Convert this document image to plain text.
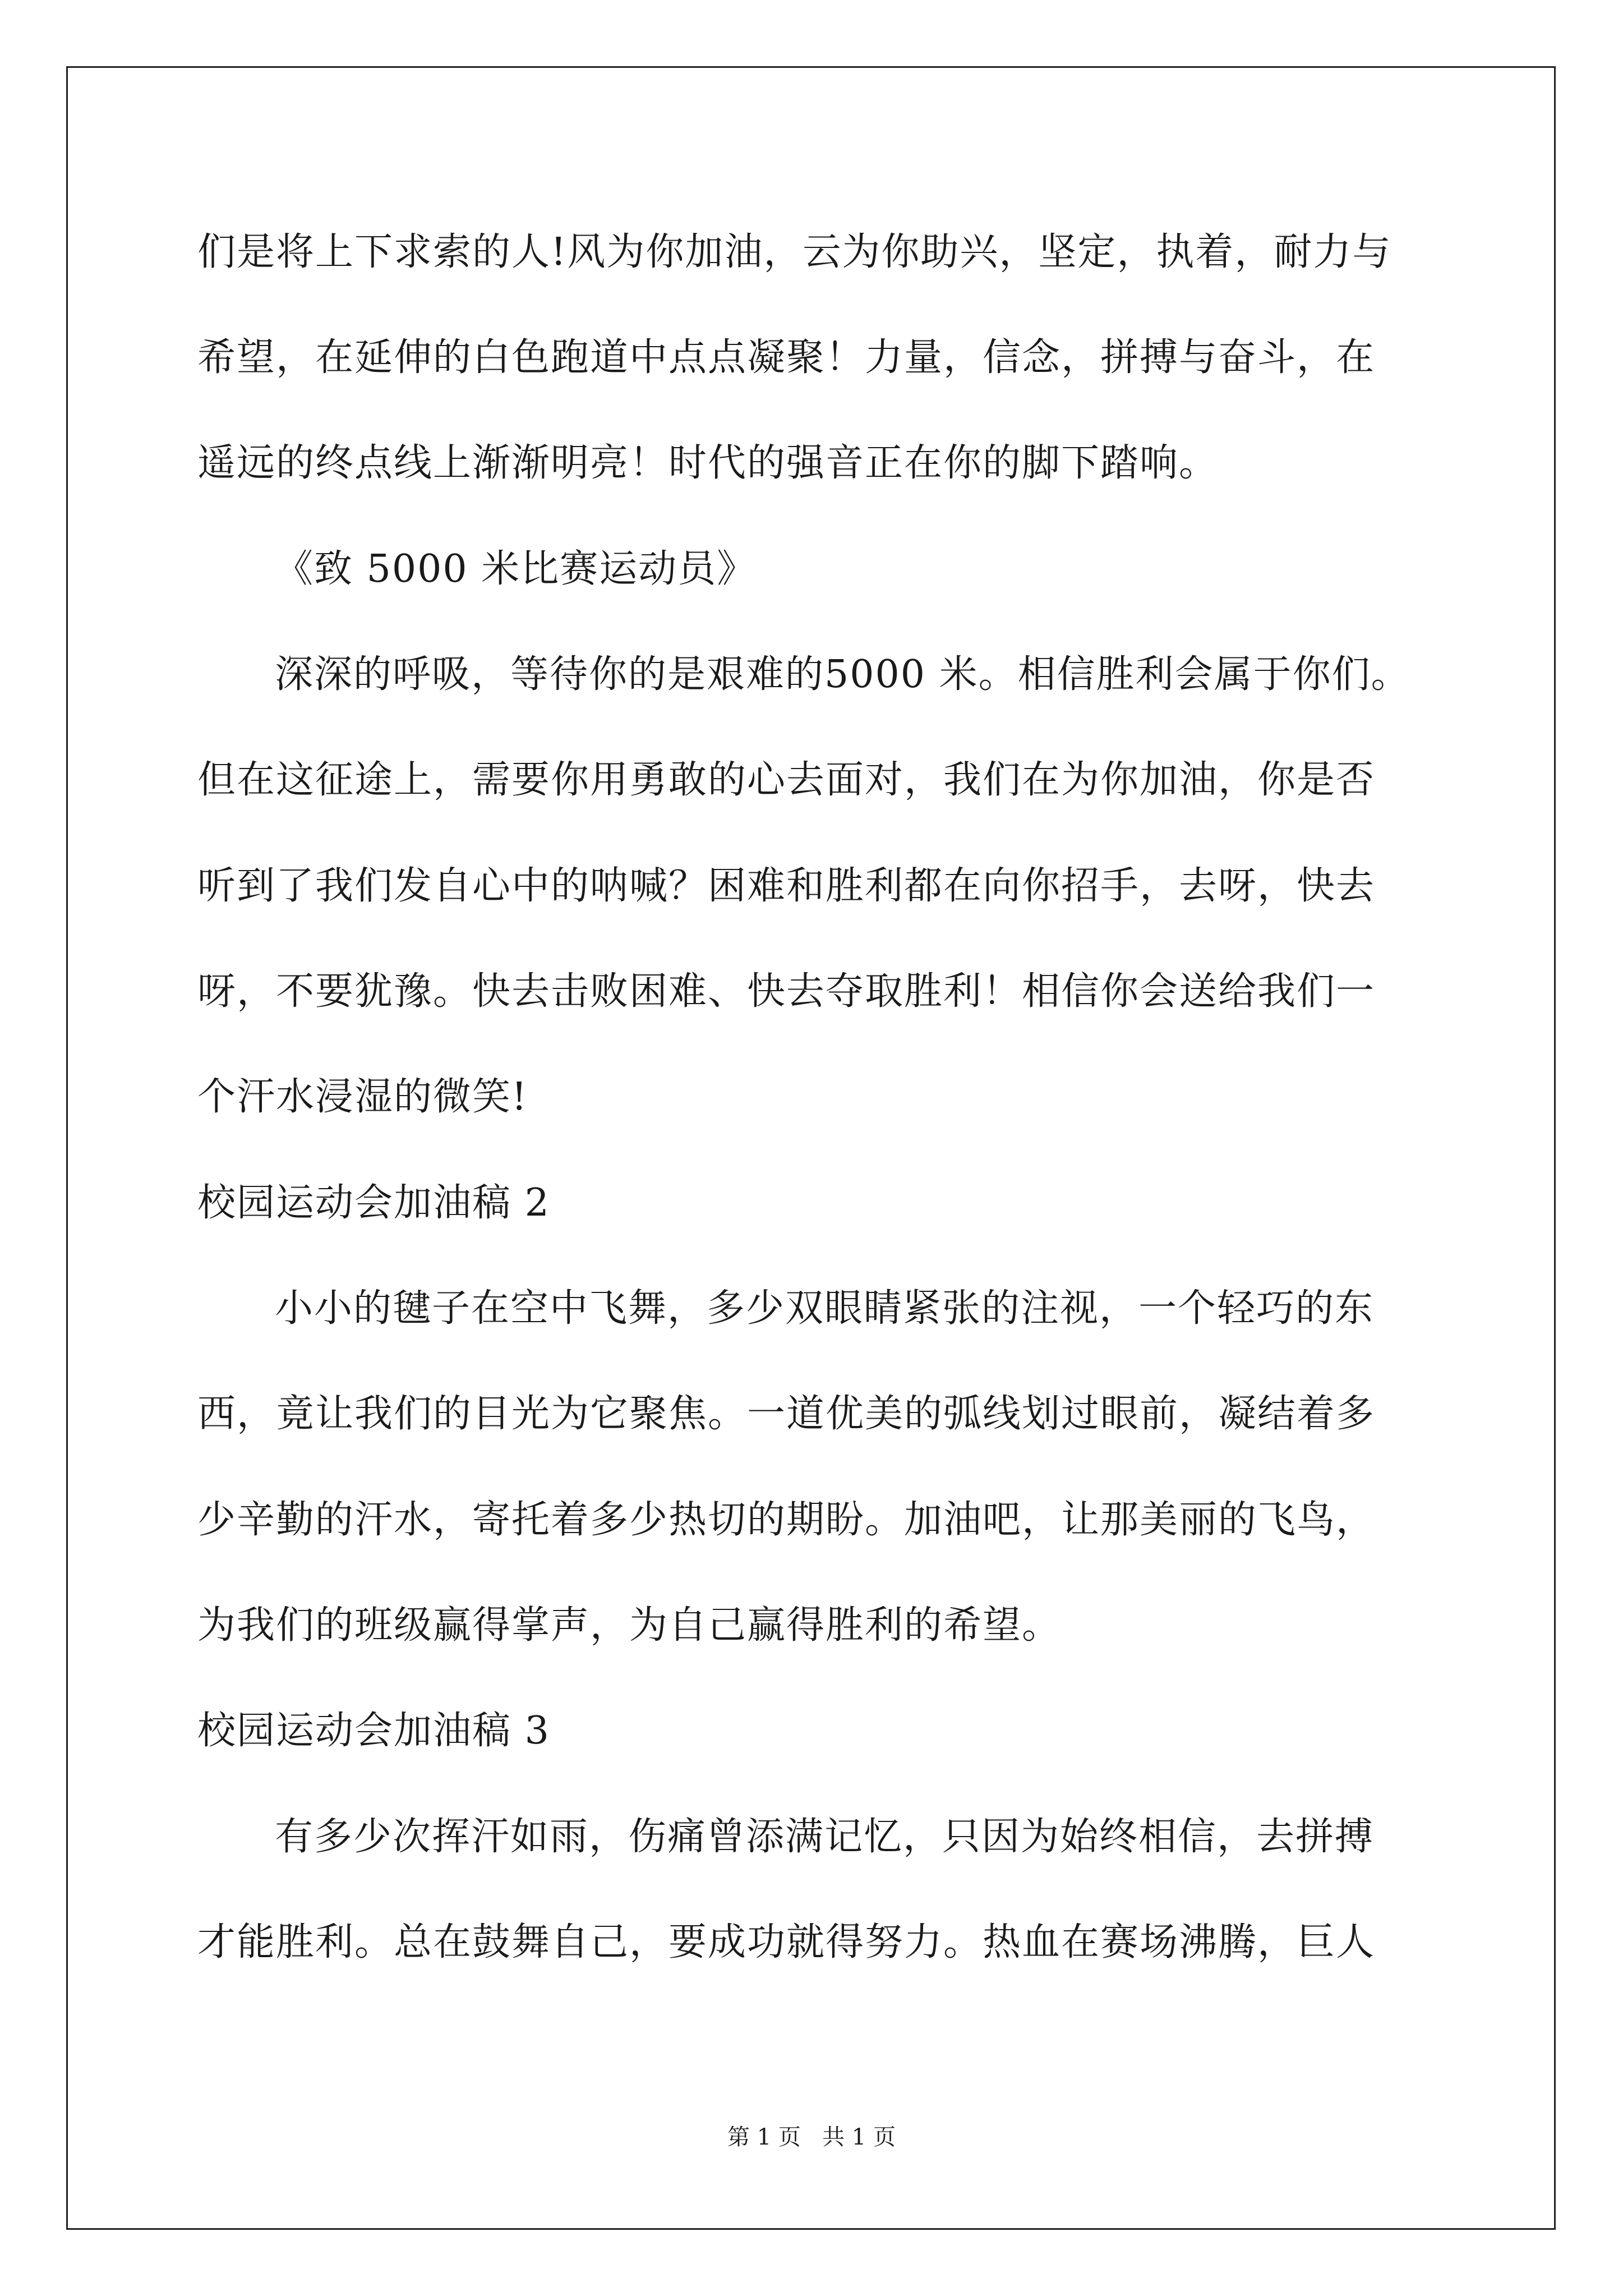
们是将上下求索的人!风为你加油，云为你助兴，坚定，执着，耐力与
希望，在延伸的白色跑道中点点凝聚！力量，信念，拼搏与奋斗，在
遥远的终点线上渐渐明亮！时代的强音正在你的脚下踏响。
《致 5000 米比赛运动员》
深深的呼吸，等待你的是艰难的5000 米。相信胜利会属于你们。
但在这征途上，需要你用勇敢的心去面对，我们在为你加油，你是否
听到了我们发自心中的呐喊？困难和胜利都在向你招手，去呀，快去
呀，不要犹豫。快去击败困难、快去夺取胜利！相信你会送给我们一
个汗水浸湿的微笑!
校园运动会加油稿 2
小小的毽子在空中飞舞，多少双眼睛紧张的注视，一个轻巧的东
西，竟让我们的目光为它聚焦。一道优美的弧线划过眼前，凝结着多
少辛勤的汗水，寄托着多少热切的期盼。加油吧，让那美丽的飞鸟，
为我们的班级赢得掌声，为自己赢得胜利的希望。
校园运动会加油稿 3
有多少次挥汗如雨，伤痛曾添满记忆，只因为始终相信，去拼搏
才能胜利。总在鼓舞自己，要成功就得努力。热血在赛场沸腾，巨人
第 1 页   共 1 页
